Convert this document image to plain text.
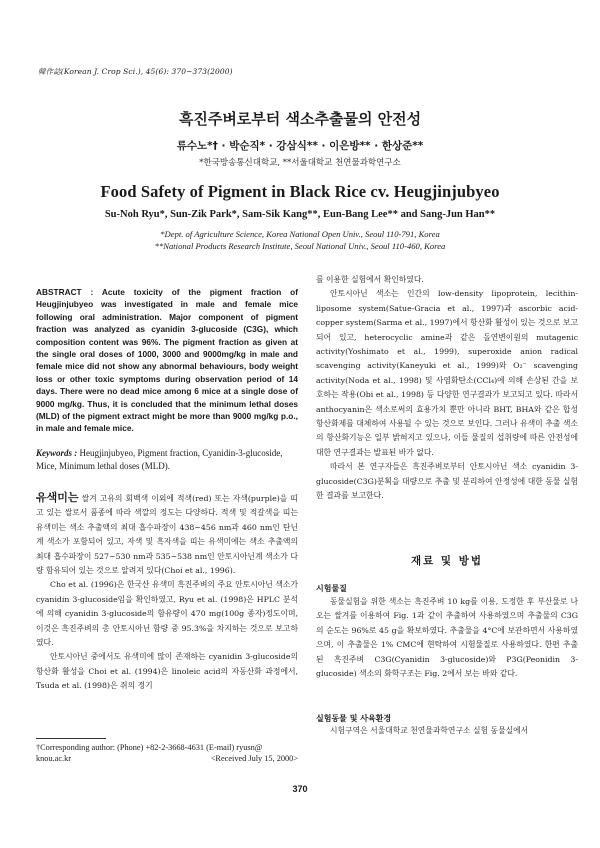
韓作誌(Korean J. Crop Sci.), 45(6): 370~373(2000)
흑진주벼로부터 색소추출물의 안전성
류수노*† · 박순직* · 강삼식** · 이은방** · 한상준**
*한국방송통신대학교, **서울대학교 천연물과학연구소
Food Safety of Pigment in Black Rice cv. Heugjinjubyeo
Su-Noh Ryu*, Sun-Zik Park*, Sam-Sik Kang**, Eun-Bang Lee** and Sang-Jun Han**
*Dept. of Agriculture Science, Korea National Open Univ., Seoul 110-791, Korea
**National Products Research Institute, Seoul National Univ., Seoul 110-460, Korea
ABSTRACT : Acute toxicity of the pigment fraction of Heugjinjubyeo was investigated in male and female mice following oral administration. Major component of pigment fraction was analyzed as cyanidin 3-glucoside (C3G), which composition content was 96%. The pigment fraction as given at the single oral doses of 1000, 3000 and 9000mg/kg in male and female mice did not show any abnormal behaviours, body weight loss or other toxic symptoms during observation period of 14 days. There were no dead mice among 6 mice at a single dose of 9000 mg/kg. Thus, it is concluded that the minimum lethal doses (MLD) of the pigment extract might be more than 9000 mg/kg p.o., in male and female mice.
Keywords : Heugjinjubyeo, Pigment fraction, Cyanidin-3-glucoside, Mice, Minimum lethal doses (MLD).

유색미는 쌀겨 고유의 회백색 이외에 적색(red) 또는 자색(purple)을 띠고 있는 쌀로서 품종에 따라 색깔의 정도는 다양하다. 적색 및 적갈색을 띠는 유색미는 색소 추출액의 최대 흡수파장이 438~456 nm과 460 nm인 탄닌계 색소가 포함되어 있고, 자색 및 흑자색을 띠는 유색미에는 색소 추출액의 최대 흡수파장이 527~530 nm과 535~538 nm인 안토시아닌계 색소가 다량 함유되어 있는 것으로 알려져 있다(Choi et al., 1996).

Cho et al. (1996)은 한국산 유색미 흑진주벼의 주요 안토시아닌 색소가 cyanidin 3-glucoside임을 확인하였고, Ryu et al. (1998)은 HPLC 분석에 의해 cyanidin 3-glucoside의 함유량이 470 mg(100g 종자)정도이며, 이것은 흑진주벼의 총 안토시아닌 함량 중 95.3%을 차지하는 것으로 보고하였다.

안토시아닌 중에서도 유색미에 많이 존재하는 cyanidin 3-glucoside의 항산화 활성을 Choi et al. (1994)은 linoleic acid의 자동산화 과정에서, Tsuda et al. (1998)은 쥐의 정기

†Corresponding author: (Phone) +82-2-3668-4631 (E-mail) ryusn@
knou.ac.kr	<Received July 15, 2000>

를 이용한 실험에서 확인하였다.

안토시아닌 색소는 인간의 low-density lipoprotein, lecithin-liposome system(Satue-Gracia et al., 1997)과 ascorbic acid-copper system(Sarma et al., 1997)에서 항산화 활성이 있는 것으로 보고되어 있고, heterocyclic amine과 같은 돌연변이원의 mutagenic activity(Yoshimato et al., 1999), superoxide anion radical scavenging activity(Kaneyuki et al., 1999)와 O₂⁻ scavenging activity(Noda et al., 1998) 및 사염화탄소(CCl₄)에 의해 손상된 간을 보호하는 작용(Obi et al., 1998) 등 다양한 연구결과가 보고되고 있다. 따라서 anthocyanin은 색소로써의 효용가치 뿐만 아니라 BHT, BHA와 같은 합성 항산화제를 대체하여 사용될 수 있는 것으로 보인다. 그러나 유색미 추출 색소의 항산화기능은 일부 밝혀지고 있으나, 이들 물질의 섭취량에 따른 안전성에 대한 연구결과는 발표된 바가 없다.

따라서 본 연구자들은 흑진주벼로부터 안토시아닌 색소 cyanidin 3-glucoside(C3G)분획을 대량으로 추출 및 분리하여 안정성에 대한 동물 실험한 결과를 보고한다.

재료 및 방법
시험물질

동물실험을 위한 색소는 흑진주벼 10 kg를 이용, 도정한 후 부산물로 나오는 쌀겨를 이용하여 Fig. 1과 같이 추출하여 사용하였으며 추출물의 C3G의 순도는 96%로 45 g을 확보하였다. 추출물을 4°C에 보관하면서 사용하였으며, 이 추출물은 1% CMC에 현탁하여 시험물질로 사용하였다. 한편 추출된 흑진주벼 C3G(Cyanidin 3-glucoside)와 P3G(Peonidin 3-glucoside) 색소의 화학구조는 Fig. 2에서 보는 바와 같다.

실험동물 및 사육환경

시험구역은 서울대학교 천연물과학연구소 실험 동물실에서

370
